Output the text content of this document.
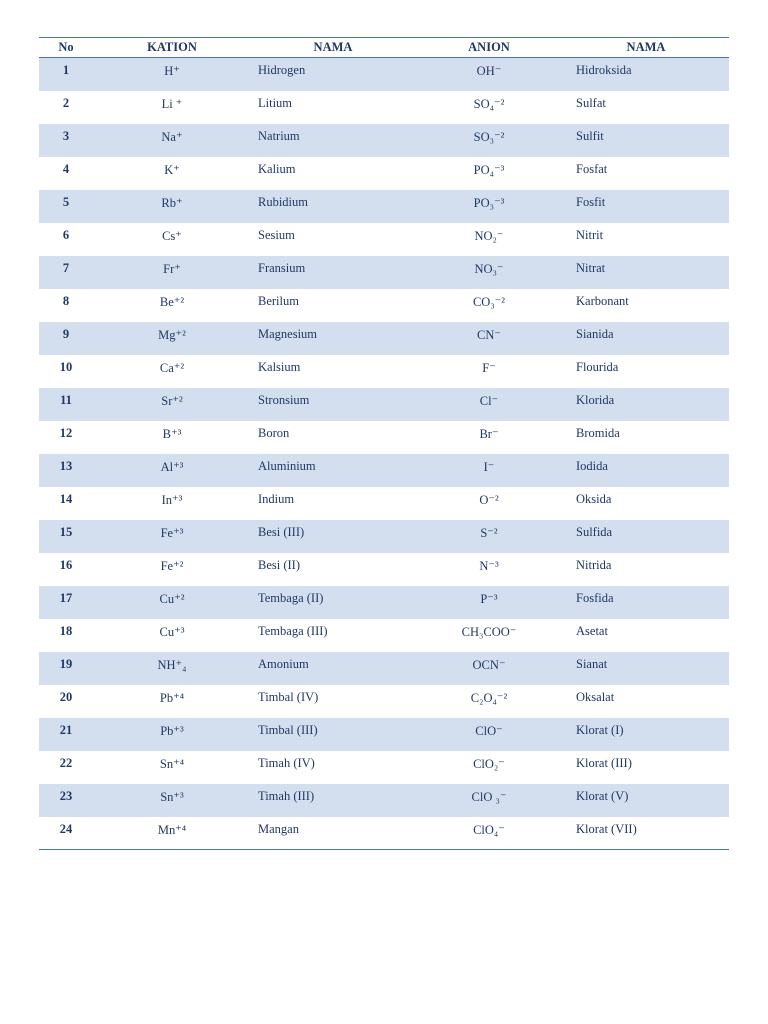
No	KATION	NAMA	ANION	NAMA
1	H⁺	Hidrogen	OH⁻	Hidroksida
2	Li ⁺	Litium	SO₄⁻²	Sulfat
3	Na⁺	Natrium	SO₃⁻²	Sulfit
4	K⁺	Kalium	PO₄⁻³	Fosfat
5	Rb⁺	Rubidium	PO₃⁻³	Fosfit
6	Cs⁺	Sesium	NO₂⁻	Nitrit
7	Fr⁺	Fransium	NO₃⁻	Nitrat
8	Be⁺²	Berilum	CO₃⁻²	Karbonant
9	Mg⁺²	Magnesium	CN⁻	Sianida
10	Ca⁺²	Kalsium	F⁻	Flourida
11	Sr⁺²	Stronsium	Cl⁻	Klorida
12	B⁺³	Boron	Br⁻	Bromida
13	Al⁺³	Aluminium	I⁻	Iodida
14	In⁺³	Indium	O⁻²	Oksida
15	Fe⁺³	Besi (III)	S⁻²	Sulfida
16	Fe⁺²	Besi (II)	N⁻³	Nitrida
17	Cu⁺²	Tembaga (II)	P⁻³	Fosfida
18	Cu⁺³	Tembaga (III)	CH₃COO⁻	Asetat
19	NH⁺₄	Amonium	OCN⁻	Sianat
20	Pb⁺⁴	Timbal (IV)	C₂O₄⁻²	Oksalat
21	Pb⁺³	Timbal (III)	ClO⁻	Klorat (I)
22	Sn⁺⁴	Timah (IV)	ClO₂⁻	Klorat (III)
23	Sn⁺³	Timah (III)	ClO ₃⁻	Klorat (V)
24	Mn⁺⁴	Mangan	ClO₄⁻	Klorat (VII)
